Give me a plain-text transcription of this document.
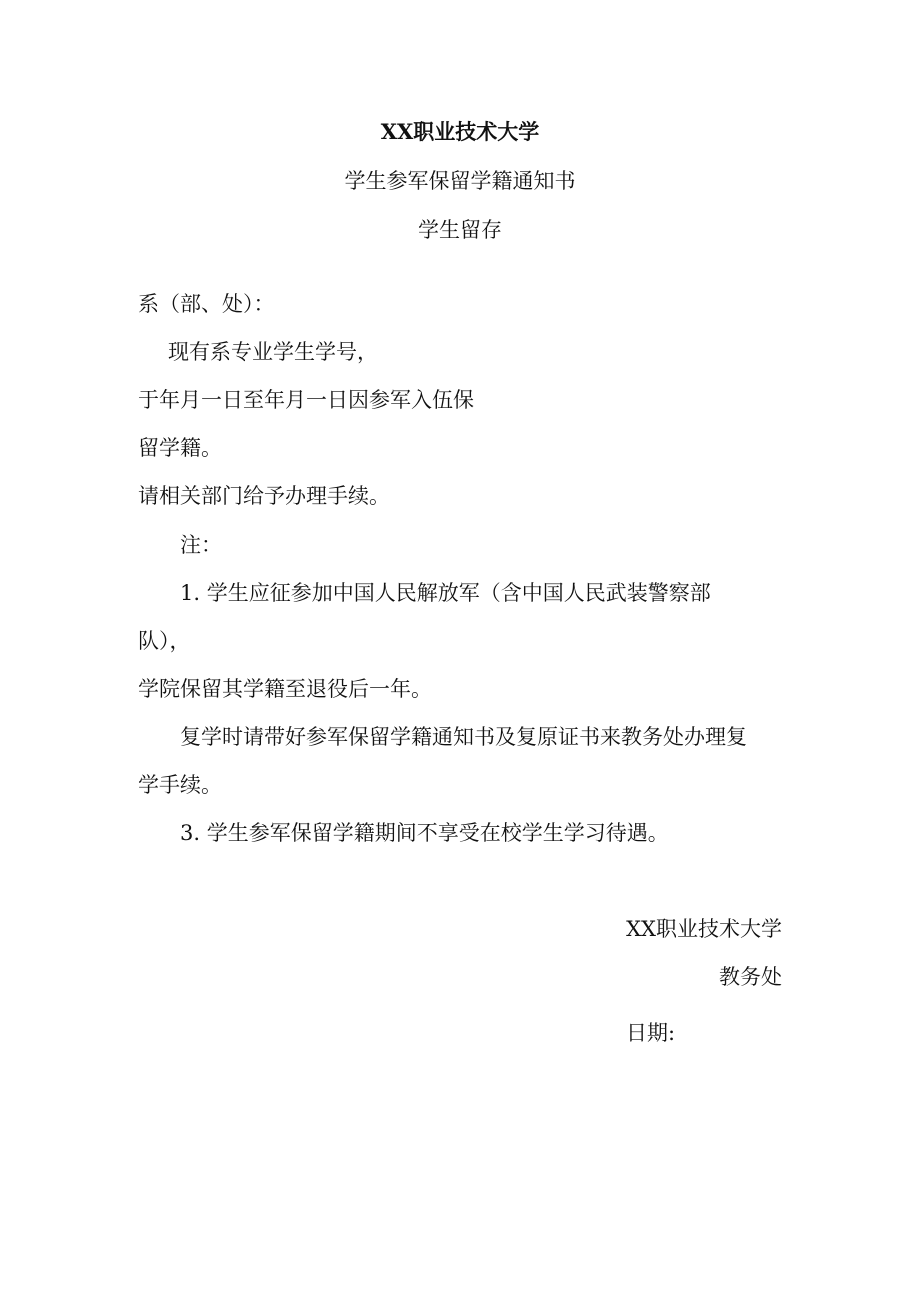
XX职业技术大学
学生参军保留学籍通知书
学生留存
系（部、处）：
现有系专业学生学号，
于年月一日至年月一日因参军入伍保
留学籍。
请相关部门给予办理手续。
注：
1. 学生应征参加中国人民解放军（含中国人民武装警察部
队），
学院保留其学籍至退役后一年。
复学时请带好参军保留学籍通知书及复原证书来教务处办理复
学手续。
3. 学生参军保留学籍期间不享受在校学生学习待遇。
XX职业技术大学
教务处
日期:
